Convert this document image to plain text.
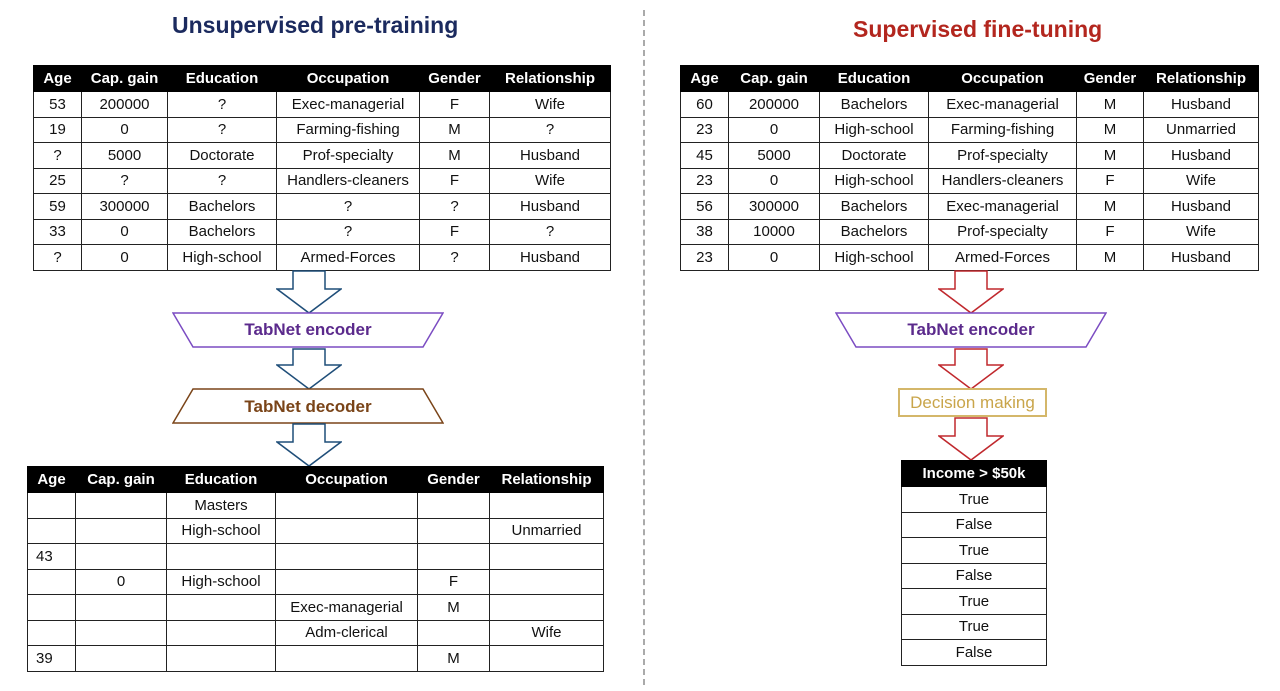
Unsupervised pre-training
Age	Cap. gain	Education	Occupation	Gender	Relationship
53	200000	?	Exec-managerial	F	Wife
19	0	?	Farming-fishing	M	?
?	5000	Doctorate	Prof-specialty	M	Husband
25	?	?	Handlers-cleaners	F	Wife
59	300000	Bachelors	?	?	Husband
33	0	Bachelors	?	F	?
?	0	High-school	Armed-Forces	?	Husband
TabNet encoder
TabNet decoder
Age	Cap. gain	Education	Occupation	Gender	Relationship
		Masters			
		High-school			Unmarried
43					
	0	High-school		F	
			Exec-managerial	M	
			Adm-clerical		Wife
39				M	
Supervised fine-tuning
Age	Cap. gain	Education	Occupation	Gender	Relationship
60	200000	Bachelors	Exec-managerial	M	Husband
23	0	High-school	Farming-fishing	M	Unmarried
45	5000	Doctorate	Prof-specialty	M	Husband
23	0	High-school	Handlers-cleaners	F	Wife
56	300000	Bachelors	Exec-managerial	M	Husband
38	10000	Bachelors	Prof-specialty	F	Wife
23	0	High-school	Armed-Forces	M	Husband
TabNet encoder
Decision making
Income > $50k
True
False
True
False
True
True
False
